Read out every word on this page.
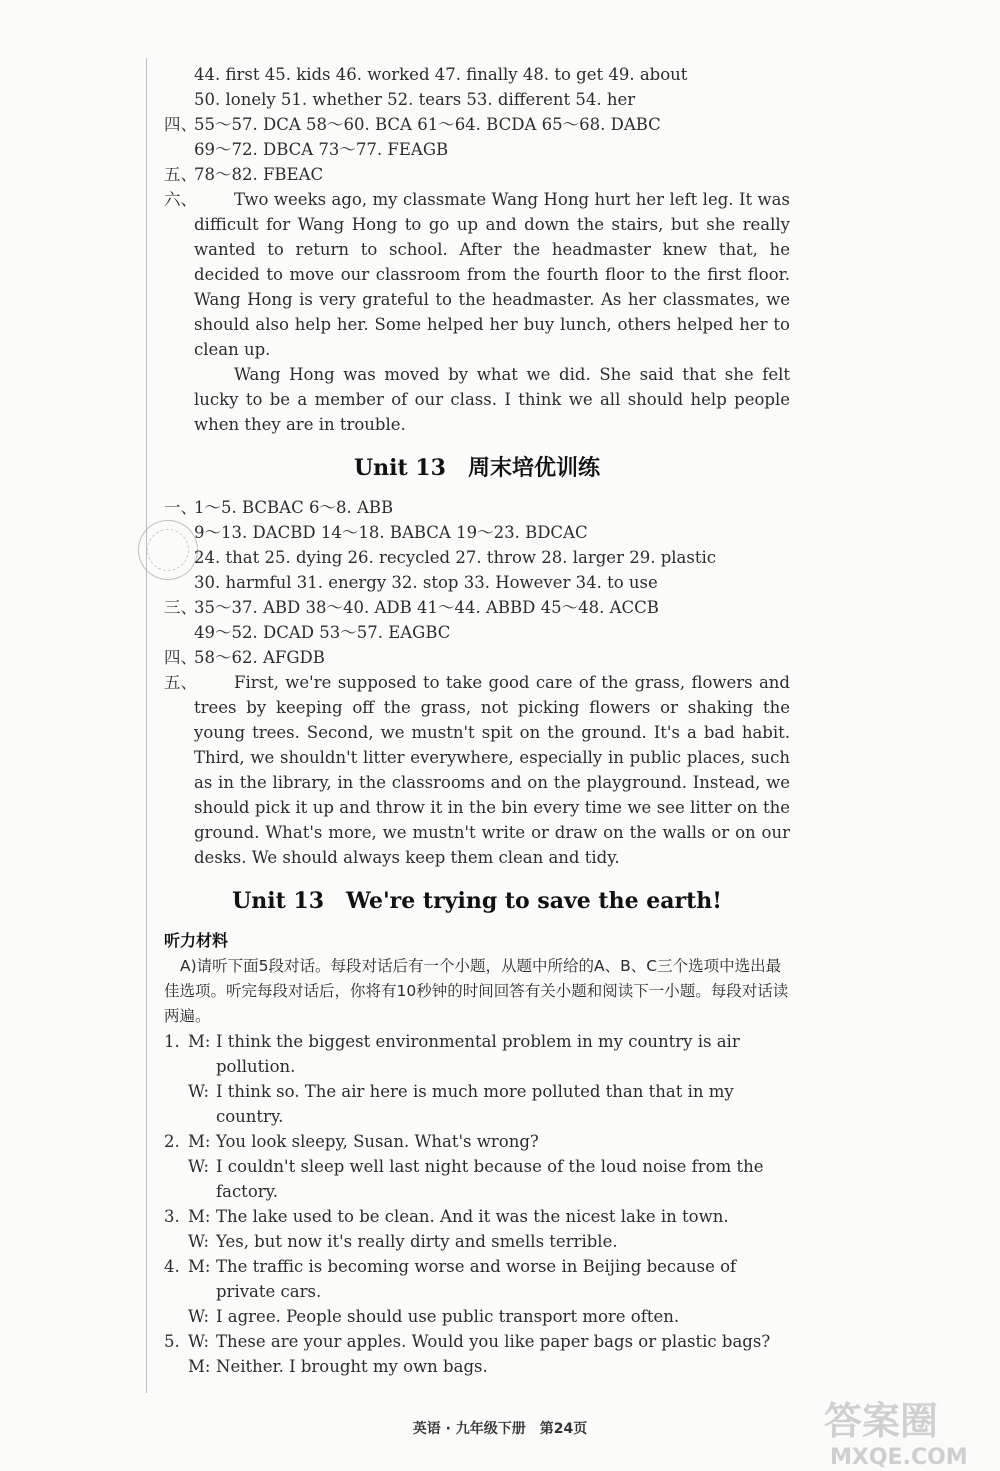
44. first 45. kids 46. worked 47. finally 48. to get 49. about
50. lonely 51. whether 52. tears 53. different 54. her
四、
55～57. DCA 58～60. BCA 61～64. BCDA 65～68. DABC
69～72. DBCA 73～77. FEAGB
五、
78～82. FBEAC
六、	Two weeks ago, my classmate Wang Hong hurt her left leg. It was difficult for Wang Hong to go up and down the stairs, but she really wanted to return to school. After the headmaster knew that, he decided to move our classroom from the fourth floor to the first floor. Wang Hong is very grateful to the headmaster. As her classmates, we should also help her. Some helped her buy lunch, others helped her to clean up.
Wang Hong was moved by what we did. She said that she felt lucky to be a member of our class. I think we all should help people when they are in trouble.
Unit 13　周末培优训练
一、
1～5. BCBAC 6～8. ABB
9～13. DACBD 14～18. BABCA 19～23. BDCAC
24. that 25. dying 26. recycled 27. throw 28. larger 29. plastic
30. harmful 31. energy 32. stop 33. However 34. to use
三、
35～37. ABD 38～40. ADB 41～44. ABBD 45～48. ACCB
49～52. DCAD 53～57. EAGBC
四、
58～62. AFGDB
五、	First, we're supposed to take good care of the grass, flowers and trees by keeping off the grass, not picking flowers or shaking the young trees. Second, we mustn't spit on the ground. It's a bad habit. Third, we shouldn't litter everywhere, especially in public places, such as in the library, in the classrooms and on the playground. Instead, we should pick it up and throw it in the bin every time we see litter on the ground. What's more, we mustn't write or draw on the walls or on our desks. We should always keep them clean and tidy.
Unit 13　We're trying to save the earth!
听力材料
A)请听下面5段对话。每段对话后有一个小题，从题中所给的A、B、C三个选项中选出最佳选项。听完每段对话后，你将有10秒钟的时间回答有关小题和阅读下一小题。每段对话读两遍。
1. M: I think the biggest environmental problem in my country is air pollution.
W: I think so. The air here is much more polluted than that in my country.
2. M: You look sleepy, Susan. What's wrong?
W: I couldn't sleep well last night because of the loud noise from the factory.
3. M: The lake used to be clean. And it was the nicest lake in town.
W: Yes, but now it's really dirty and smells terrible.
4. M: The traffic is becoming worse and worse in Beijing because of private cars.
W: I agree. People should use public transport more often.
5. W: These are your apples. Would you like paper bags or plastic bags?
M: Neither. I brought my own bags.
英语 · 九年级下册　第24页	答案圈
MXQE.COM
